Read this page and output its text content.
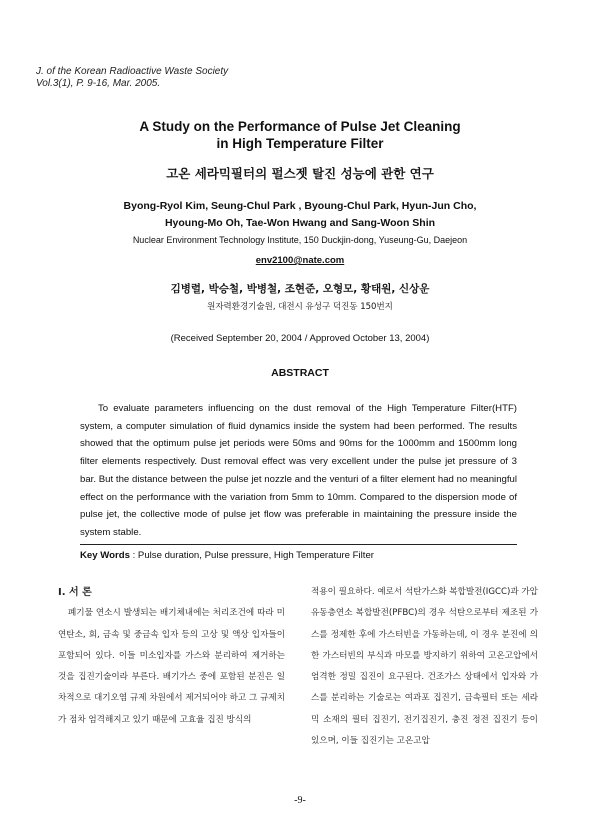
J. of the Korean Radioactive Waste Society
Vol.3(1), P. 9-16, Mar. 2005.
A Study on the Performance of Pulse Jet Cleaning
in High Temperature Filter
고온 세라믹필터의 펄스젯 탈진 성능에 관한 연구
Byong-Ryol Kim, Seung-Chul Park , Byoung-Chul Park, Hyun-Jun Cho,
Hyoung-Mo Oh, Tae-Won Hwang and Sang-Woon Shin
Nuclear Environment Technology Institute, 150 Duckjin-dong, Yuseung-Gu, Daejeon
env2100@nate.com
김병렬, 박승철, 박병철, 조현준, 오형모, 황태원, 신상운
원자력환경기술원, 대전시 유성구 덕진동 150번지
(Received September 20, 2004 / Approved October 13, 2004)
ABSTRACT

To evaluate parameters influencing on the dust removal of the High Temperature Filter(HTF) system, a computer simulation of fluid dynamics inside the system had been performed. The results showed that the optimum pulse jet periods were 50ms and 90ms for the 1000mm and 1500mm long filter elements respectively. Dust removal effect was very excellent under the pulse jet pressure of 3 bar. But the distance between the pulse jet nozzle and the venturi of a filter element had no meaningful effect on the performance with the variation from 5mm to 10mm. Compared to the dispersion mode of pulse jet, the collective mode of pulse jet flow was preferable in maintaining the pressure inside the system stable.

Key Words : Pulse duration, Pulse pressure, High Temperature Filter
I. 서 론

폐기물 연소시 발생되는 배기체내에는 처리조건에 따라 미연탄소, 회, 금속 및 중금속 입자 등의 고상 및 액상 입자들이 포함되어 있다. 이들 미소입자를 가스와 분리하여 제거하는 것을 집진기술이라 부른다. 배기가스 중에 포함된 분진은 일차적으로 대기오염 규제 차원에서 제거되어야 하고 그 규제치가 점차 엄격해지고 있기 때문에 고효율 집진 방식의

적용이 필요하다. 예로서 석탄가스화 복합발전(IGCC)과 가압유동층연소 복합발전(PFBC)의 경우 석탄으로부터 제조된 가스를 정제한 후에 가스터빈을 가동하는데, 이 경우 분진에 의한 가스터빈의 부식과 마모를 방지하기 위하여 고온고압에서 엄격한 정밀 집진이 요구된다. 건조가스 상태에서 입자와 가스를 분리하는 기술로는 여과포 집진기, 금속필터 또는 세라믹 소재의 필터 집진기, 전기집진기, 충진 정전 집진기 등이 있으며, 이들 집진기는 고온고압

-9-
